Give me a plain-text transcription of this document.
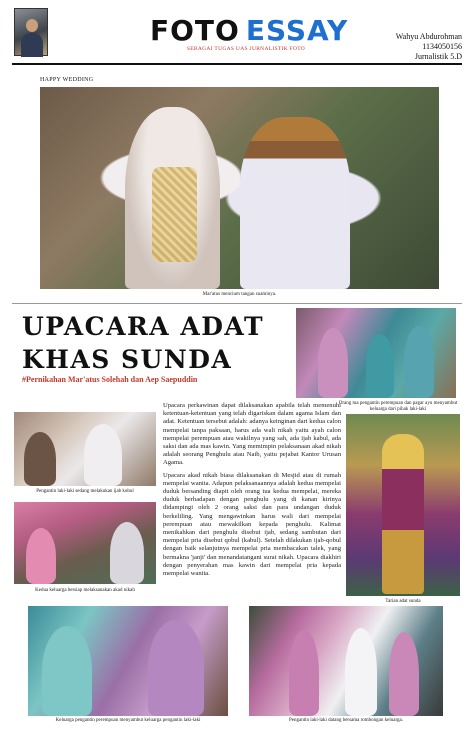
FOTO ESSAY
SEBAGAI TUGAS UAS JURNALISTIK FOTO
Wahyu Abdurohman
1134050156
Jurnalistik 5.D
HAPPY WEDDING
Mar'atus mencium tangan suaminya.
UPACARA ADAT
KHAS SUNDA
#Pernikahan Mar'atus Solehah dan Aep Saepuddin
Orang tua pengantin perempuan dan pagar ayu menyambut keluarga dari pihak laki-laki
Pengantin laki-laki sedang melakukan ijab kobul
Kedua keluarga bersiap melaksanakan akad nikah

Upacara perkawinan dapat dilaksanakan apabila telah memenuhi ketentuan-ketentuan yang telah digariskan dalam agama Islam dan adat. Ketentuan tersebut adalah: adanya keinginan dari kedua calon mempelai tanpa paksaan, harus ada wali nikah yaitu ayah calon mempelai perempuan atau wakilnya yang sah, ada ijab kabul, ada saksi dan ada mas kawin. Yang memimpin pelaksanaan akad nikah adalah seorang Penghulu atau Naib, yaitu pejabat Kantor Urusan Agama.

Upacara akad nikah biasa dilaksanakan di Mesjid atau di rumah mempelai wanita. Adapun pelaksanaannya adalah kedua mempelai duduk bersanding diapit oleh orang tua kedua mempelai, mereka duduk berhadapan dengan penghulu yang di kanan kirinya didampingi oleh 2 orang saksi dan para undangan duduk berkeliling. Yang mengawinkan harus wali dari mempelai perempuan atau mewakilkan kepada penghulu. Kalimat menikahkan dari penghulu disebut ijab, sedang sambutan dari mempelai pria disebut qobul (kabul). Setelah dilakukan ijab-qobul dengan baik selanjutnya mempelai pria membacakan talek, yang bermakna 'janji' dan menandatangani surat nikah. Upacara diakhiri dengan penyerahan mas kawin dari mempelai pria kepada mempelai wanita.

Tarian adat sunda
Keluarga pengantin perempuan menyambut keluarga pengantin laki-laki	Pengantin laki-laki datang bersama rombongan keluarga.
